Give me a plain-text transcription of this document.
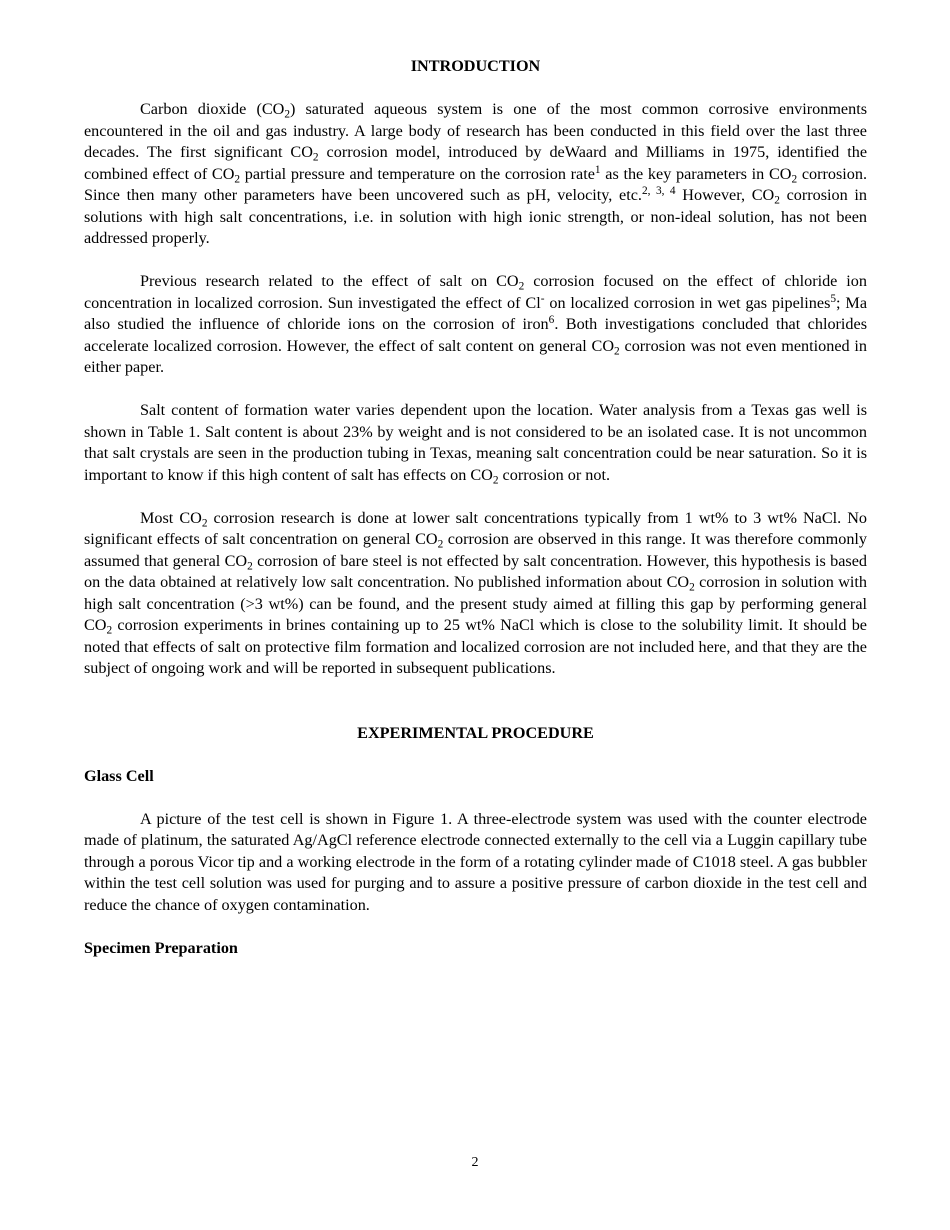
INTRODUCTION

Carbon dioxide $(CO_2)$ saturated aqueous system is one of the most common corrosive environments encountered in the oil and gas industry. A large body of research has been conducted in this field over the last three decades. The first significant $CO_2$ corrosion model, introduced by deWaard and Milliams in 1975, identified the combined effect of $CO_2$ partial pressure and temperature on the corrosion rate$^1$ as the key parameters in $CO_2$ corrosion. Since then many other parameters have been uncovered such as pH, velocity, etc.$^{2, 3, 4}$ However, $CO_2$ corrosion in solutions with high salt concentrations, i.e. in solution with high ionic strength, or non-ideal solution, has not been addressed properly.

Previous research related to the effect of salt on $CO_2$ corrosion focused on the effect of chloride ion concentration in localized corrosion. Sun investigated the effect of Cl- on localized corrosion in wet gas pipelines$^5$; Ma also studied the influence of chloride ions on the corrosion of iron$^6$. Both investigations concluded that chlorides accelerate localized corrosion. However, the effect of salt content on general $CO_2$ corrosion was not even mentioned in either paper.

Salt content of formation water varies dependent upon the location. Water analysis from a Texas gas well is shown in Table 1. Salt content is about 23% by weight and is not considered to be an isolated case. It is not uncommon that salt crystals are seen in the production tubing in Texas, meaning salt concentration could be near saturation. So it is important to know if this high content of salt has effects on $CO_2$ corrosion or not.

Most $CO_2$ corrosion research is done at lower salt concentrations typically from 1 wt% to 3 wt% NaCl. No significant effects of salt concentration on general $CO_2$ corrosion are observed in this range. It was therefore commonly assumed that general $CO_2$ corrosion of bare steel is not effected by salt concentration. However, this hypothesis is based on the data obtained at relatively low salt concentration. No published information about $CO_2$ corrosion in solution with high salt concentration (>3 wt%) can be found, and the present study aimed at filling this gap by performing general $CO_2$ corrosion experiments in brines containing up to 25 wt% NaCl which is close to the solubility limit. It should be noted that effects of salt on protective film formation and localized corrosion are not included here, and that they are the subject of ongoing work and will be reported in subsequent publications.

EXPERIMENTAL PROCEDURE

Glass Cell

A picture of the test cell is shown in Figure 1. A three-electrode system was used with the counter electrode made of platinum, the saturated Ag/AgCl reference electrode connected externally to the cell via a Luggin capillary tube through a porous Vicor tip and a working electrode in the form of a rotating cylinder made of C1018 steel. A gas bubbler within the test cell solution was used for purging and to assure a positive pressure of carbon dioxide in the test cell and reduce the chance of oxygen contamination.

Specimen Preparation

2
